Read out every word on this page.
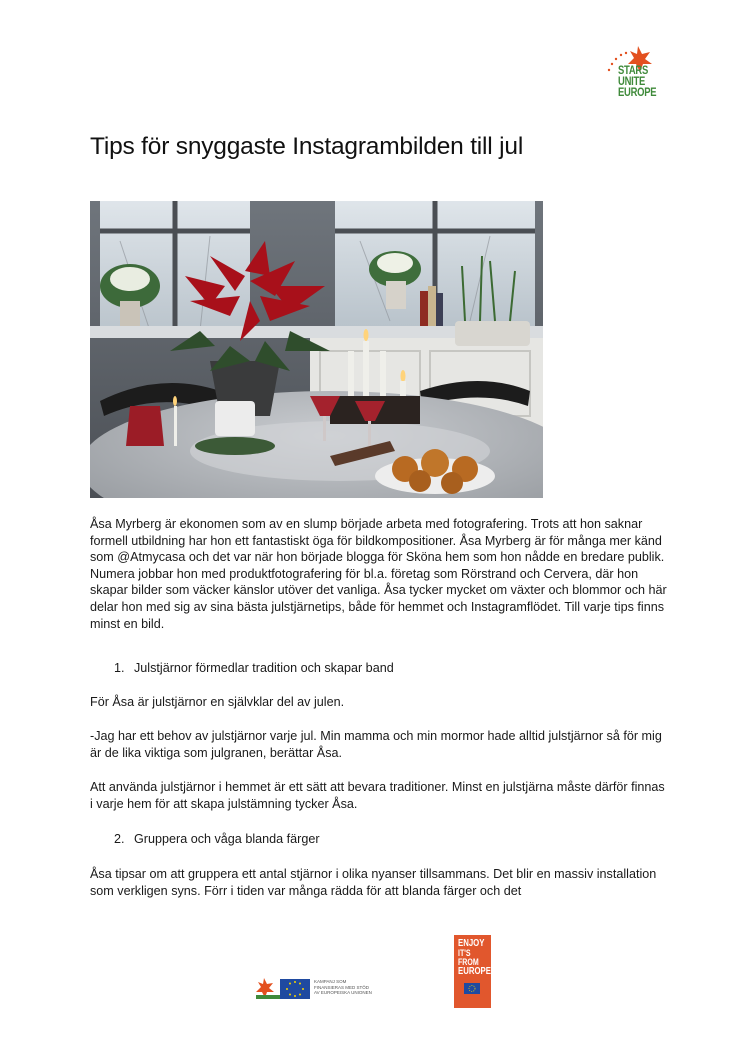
STARS
UNITE
EUROPE
Tips för snyggaste Instagrambilden till jul

Åsa Myrberg är ekonomen som av en slump började arbeta med fotografering. Trots att hon saknar formell utbildning har hon ett fantastiskt öga för bildkompositioner. Åsa Myrberg är för många mer känd som @Atmycasa och det var när hon började blogga för Sköna hem som hon nådde en bredare publik. Numera jobbar hon med produktfotografering för bl.a. företag som Rörstrand och Cervera, där hon skapar bilder som väcker känslor utöver det vanliga. Åsa tycker mycket om växter och blommor och här delar hon med sig av sina bästa julstjärnetips, både för hemmet och Instagramflödet. Till varje tips finns minst en bild.

1. Julstjärnor förmedlar tradition och skapar band

För Åsa är julstjärnor en självklar del av julen.

-Jag har ett behov av julstjärnor varje jul. Min mamma och min mormor hade alltid julstjärnor så för mig är de lika viktiga som julgranen, berättar Åsa.

Att använda julstjärnor i hemmet är ett sätt att bevara traditioner. Minst en julstjärna måste därför finnas i varje hem för att skapa julstämning tycker Åsa.

2. Gruppera och våga blanda färger

Åsa tipsar om att gruppera ett antal stjärnor i olika nyanser tillsammans. Det blir en massiv installation som verkligen syns. Förr i tiden var många rädda för att blanda färger och det

KAMPANJ SOM FINANSIERAS MED STÖD AV EUROPEISKA UNIONEN
ENJOY
IT'S FROM
EUROPE
